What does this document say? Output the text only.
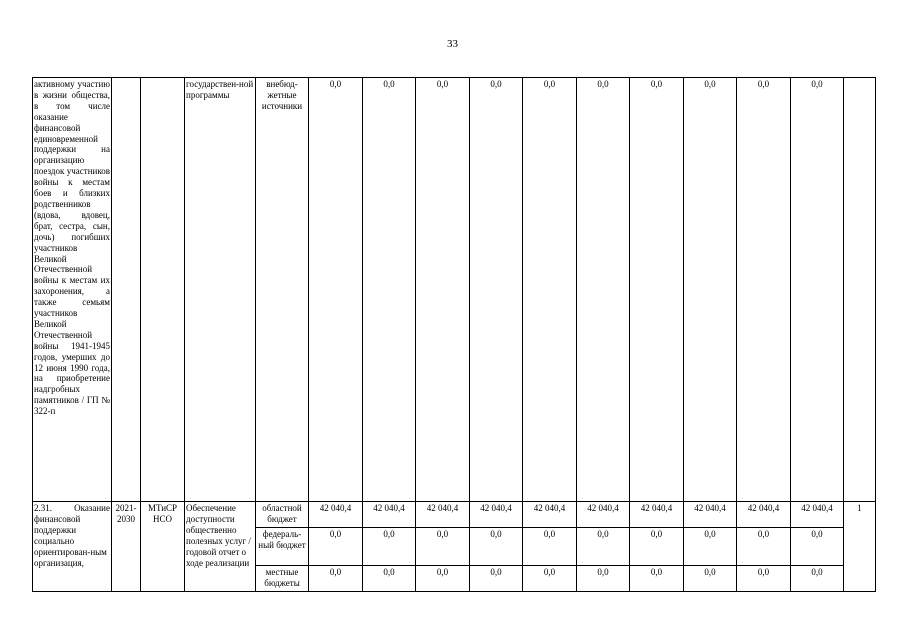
33
активному участию в жизни общества, в том числе оказание финансовой единовременной поддержки на организацию поездок участников войны к местам боев и близких родственников (вдова, вдовец, брат, сестра, сын, дочь) погибших участников Великой Отечественной войны к местам их захоронения, а также семьям участников Великой Отечественной войны 1941-1945 годов, умерших до 12 июня 1990 года, на приобретение надгробных памятников / ГП № 322-п			государствен-ной программы	внебюд-жетные источники	0,0	0,0	0,0	0,0	0,0	0,0	0,0	0,0	0,0	0,0	
2.31. Оказание финансовой поддержки социально ориентирован-ным организация,	2021-2030	МТиСР НСО	Обеспечение доступности общественно полезных услуг / годовой отчет о ходе реализации	областной бюджет	42 040,4	42 040,4	42 040,4	42 040,4	42 040,4	42 040,4	42 040,4	42 040,4	42 040,4	42 040,4	1
				федераль-ный бюджет	0,0	0,0	0,0	0,0	0,0	0,0	0,0	0,0	0,0	0,0	
				местные бюджеты	0,0	0,0	0,0	0,0	0,0	0,0	0,0	0,0	0,0	0,0	
